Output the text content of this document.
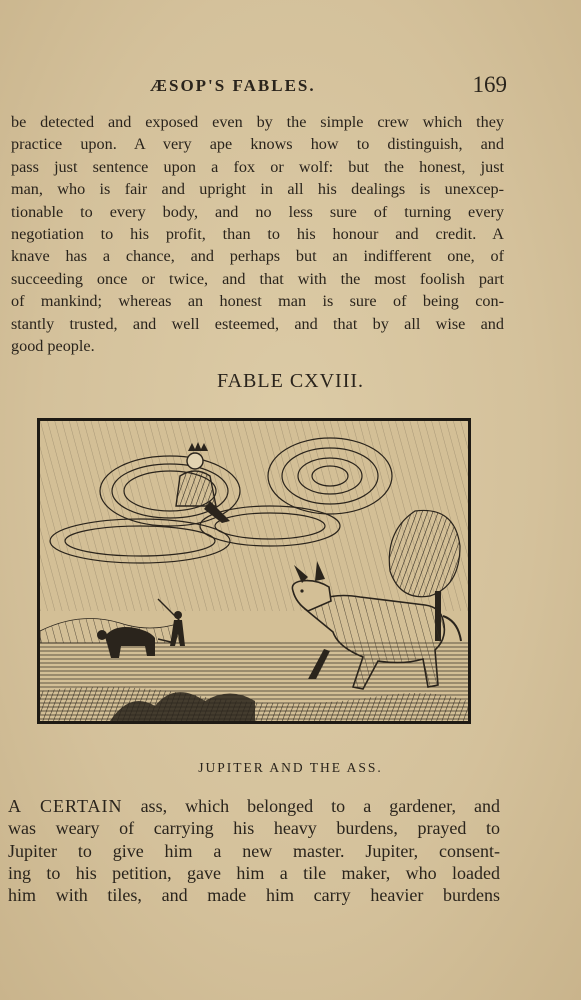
ÆSOP'S FABLES.	169
be detected and exposed even by the simple crew which they
practice upon. A very ape knows how to distinguish, and
pass just sentence upon a fox or wolf: but the honest, just
man, who is fair and upright in all his dealings is unexcep-
tionable to every body, and no less sure of turning every
negotiation to his profit, than to his honour and credit. A
knave has a chance, and perhaps but an indifferent one, of
succeeding once or twice, and that with the most foolish part
of mankind; whereas an honest man is sure of being con-
stantly trusted, and well esteemed, and that by all wise and
good people.
FABLE CXVIII.
JUPITER AND THE ASS.
A CERTAIN ass, which belonged to a gardener, and
was weary of carrying his heavy burdens, prayed to
Jupiter to give him a new master. Jupiter, consent-
ing to his petition, gave him a tile maker, who loaded
him with tiles, and made him carry heavier burdens
